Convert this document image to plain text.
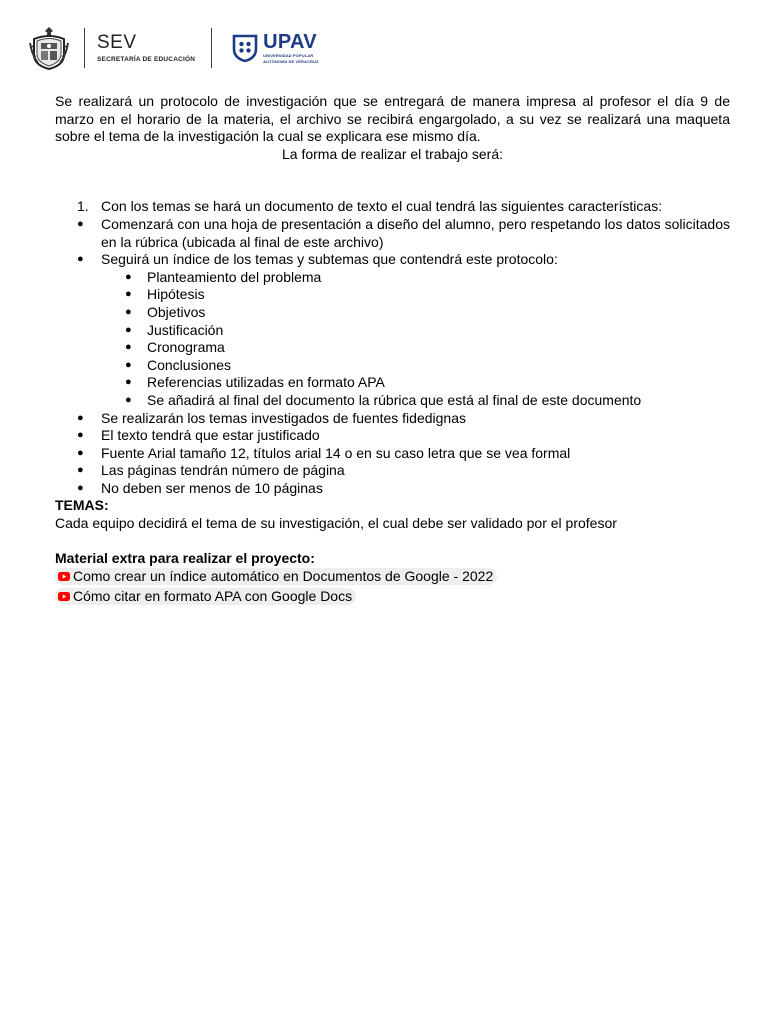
SEV
SECRETARÍA DE EDUCACIÓN
UPAV
UNIVERSIDAD POPULAR
AUTÓNOMA DE VERACRUZ

Se realizará un protocolo de investigación que se entregará de manera impresa al profesor el día 9 de marzo en el horario de la materia, el archivo se recibirá engargolado, a su vez se realizará una maqueta sobre el tema de la investigación la cual se explicara ese mismo día.

La forma de realizar el trabajo será:

1. Con los temas se hará un documento de texto el cual tendrá las siguientes características:
● Comenzará con una hoja de presentación a diseño del alumno, pero respetando los datos solicitados en la rúbrica (ubicada al final de este archivo)
● Seguirá un índice de los temas y subtemas que contendrá este protocolo:
● Planteamiento del problema
● Hipótesis
● Objetivos
● Justificación
● Cronograma
● Conclusiones
● Referencias utilizadas en formato APA
● Se añadirá al final del documento la rúbrica que está al final de este documento
● Se realizarán los temas investigados de fuentes fidedignas
● El texto tendrá que estar justificado
● Fuente Arial tamaño 12, títulos arial 14 o en su caso letra que se vea formal
● Las páginas tendrán número de página
● No deben ser menos de 10 páginas

TEMAS:

Cada equipo decidirá el tema de su investigación, el cual debe ser validado por el profesor

Material extra para realizar el proyecto:

Como crear un índice automático en Documentos de Google - 2022
Cómo citar en formato APA con Google Docs
